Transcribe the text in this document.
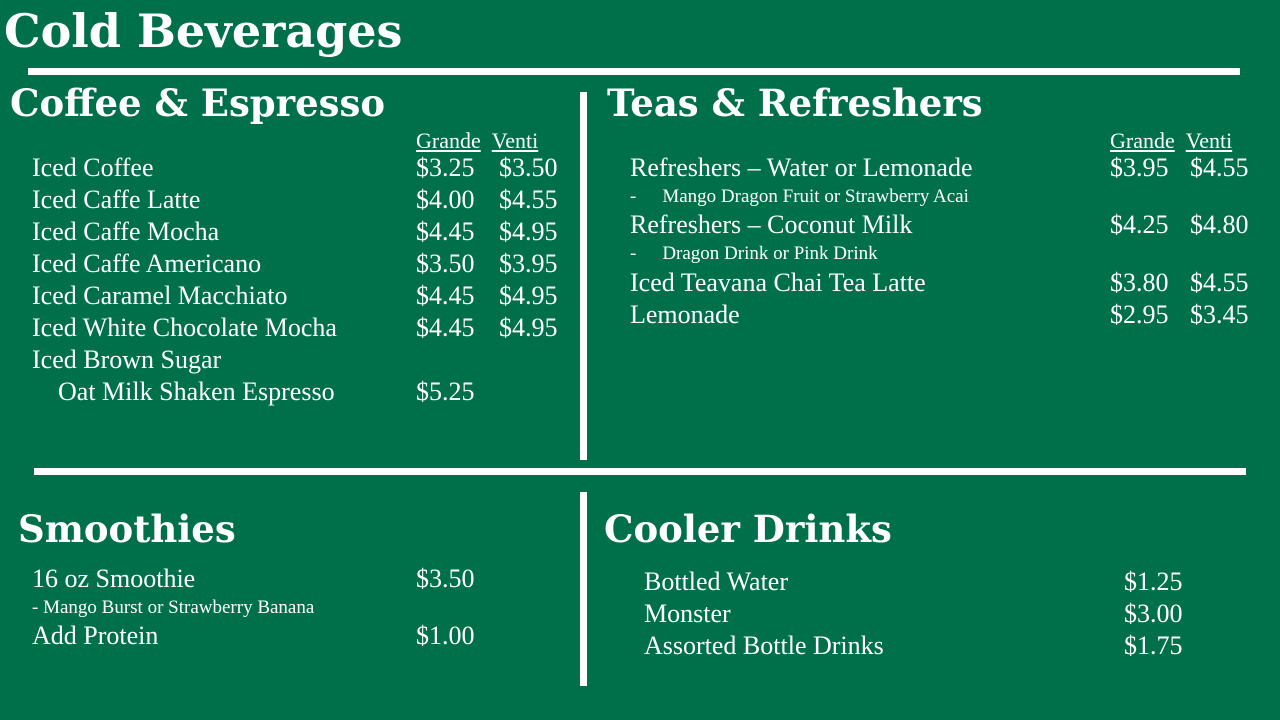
Cold Beverages
Coffee & Espresso
Grande Venti
Iced Coffee
Iced Caffe Latte
Iced Caffe Mocha
Iced Caffe Americano
Iced Caramel Macchiato
Iced White Chocolate Mocha
Iced Brown Sugar
Oat Milk Shaken Espresso
$3.25
$4.00
$4.45
$3.50
$4.45
$4.45

$5.25
$3.50
$4.55
$4.95
$3.95
$4.95
$4.95
Teas & Refreshers
Grande Venti
Refreshers – Water or Lemonade
- Mango Dragon Fruit or Strawberry Acai
Refreshers – Coconut Milk
- Dragon Drink or Pink Drink
Iced Teavana Chai Tea Latte
Lemonade
$3.95 $4.55
$4.25 $4.80
$3.80 $4.55
$2.95 $3.45
Smoothies
16 oz Smoothie
- Mango Burst or Strawberry Banana
Add Protein
$3.50
$1.00
Cooler Drinks
Bottled Water
Monster
Assorted Bottle Drinks
$1.25
$3.00
$1.75
